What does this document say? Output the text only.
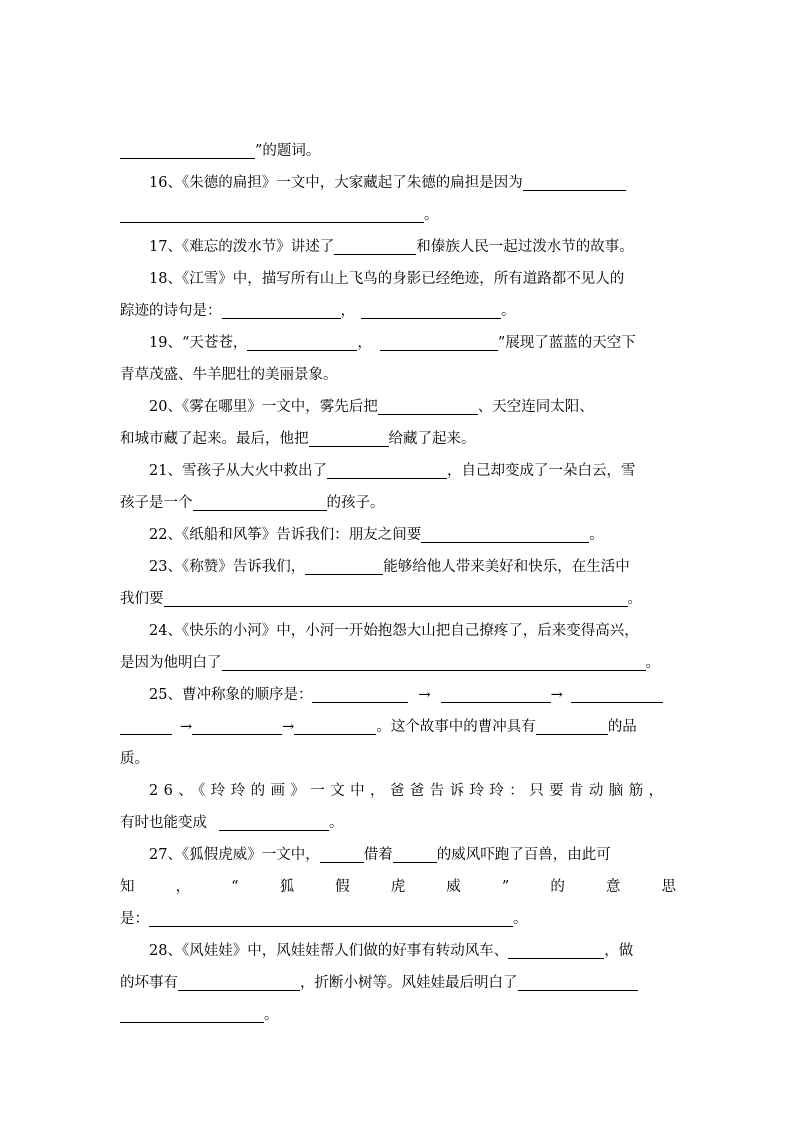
”的题词。
16、《朱德的扁担》一文中，大家藏起了朱德的扁担是因为
。
17、《难忘的泼水节》讲述了	和傣族人民一起过泼水节的故事。
18、《江雪》中，描写所有山上飞鸟的身影已经绝迹，所有道路都不见人的
踪迹的诗句是：	，	。
19、“天苍苍，	，	”展现了蓝蓝的天空下
青草茂盛、牛羊肥壮的美丽景象。
20、《雾在哪里》一文中，雾先后把	、天空连同太阳、
和城市藏了起来。最后，他把	给藏了起来。
21、雪孩子从大火中救出了	，自己却变成了一朵白云，雪
孩子是一个	的孩子。
22、《纸船和风筝》告诉我们：朋友之间要	。
23、《称赞》告诉我们，	能够给他人带来美好和快乐，在生活中
我们要	。
24、《快乐的小河》中，小河一开始抱怨大山把自己撩疼了，后来变得高兴，
是因为他明白了	。
25、曹冲称象的顺序是：	→	→
→	→	。这个故事中的曹冲具有	的品
质。
26、《玲玲的画》一文中，爸爸告诉玲玲：只要肯动脑筋，
有时也能变成	。
27、《狐假虎威》一文中，	借着	的威风吓跑了百兽，由此可
知	，	“	狐	假	虎	威	”	的	意	思
是：	。
28、《风娃娃》中，风娃娃帮人们做的好事有转动风车、	，做
的坏事有	，折断小树等。风娃娃最后明白了
。
